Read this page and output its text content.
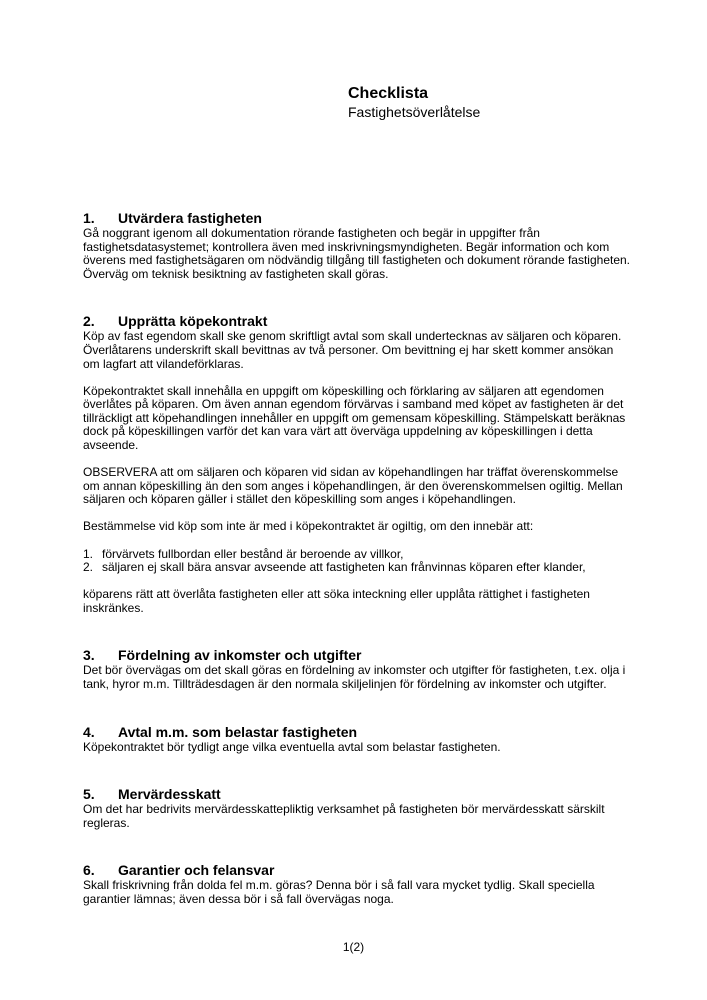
Checklista
Fastighetsöverlåtelse
1.	Utvärdera fastigheten

Gå noggrant igenom all dokumentation rörande fastigheten och begär in uppgifter från fastighetsdatasystemet; kontrollera även med inskrivningsmyndigheten. Begär information och kom överens med fastighetsägaren om nödvändig tillgång till fastigheten och dokument rörande fastigheten. Överväg om teknisk besiktning av fastigheten skall göras.

2.	Upprätta köpekontrakt

Köp av fast egendom skall ske genom skriftligt avtal som skall undertecknas av säljaren och köparen. Överlåtarens underskrift skall bevittnas av två personer. Om bevittning ej har skett kommer ansökan om lagfart att vilandeförklaras.

Köpekontraktet skall innehålla en uppgift om köpeskilling och förklaring av säljaren att egendomen överlåtes på köparen. Om även annan egendom förvärvas i samband med köpet av fastigheten är det tillräckligt att köpehandlingen innehåller en uppgift om gemensam köpeskilling. Stämpelskatt beräknas dock på köpeskillingen varför det kan vara värt att överväga uppdelning av köpeskillingen i detta avseende.

OBSERVERA att om säljaren och köparen vid sidan av köpehandlingen har träffat överenskommelse om annan köpeskilling än den som anges i köpehandlingen, är den överenskommelsen ogiltig. Mellan säljaren och köparen gäller i stället den köpeskilling som anges i köpehandlingen.

Bestämmelse vid köp som inte är med i köpekontraktet är ogiltig, om den innebär att:

1. förvärvets fullbordan eller bestånd är beroende av villkor,
2. säljaren ej skall bära ansvar avseende att fastigheten kan frånvinnas köparen efter klander,

köparens rätt att överlåta fastigheten eller att söka inteckning eller upplåta rättighet i fastigheten inskränkes.

3.	Fördelning av inkomster och utgifter

Det bör övervägas om det skall göras en fördelning av inkomster och utgifter för fastigheten, t.ex. olja i tank, hyror m.m. Tillträdesdagen är den normala skiljelinjen för fördelning av inkomster och utgifter.

4.	Avtal m.m. som belastar fastigheten

Köpekontraktet bör tydligt ange vilka eventuella avtal som belastar fastigheten.

5.	Mervärdesskatt

Om det har bedrivits mervärdesskattepliktig verksamhet på fastigheten bör mervärdesskatt särskilt regleras.

6.	Garantier och felansvar

Skall friskrivning från dolda fel m.m. göras? Denna bör i så fall vara mycket tydlig. Skall speciella garantier lämnas; även dessa bör i så fall övervägas noga.

1(2)
